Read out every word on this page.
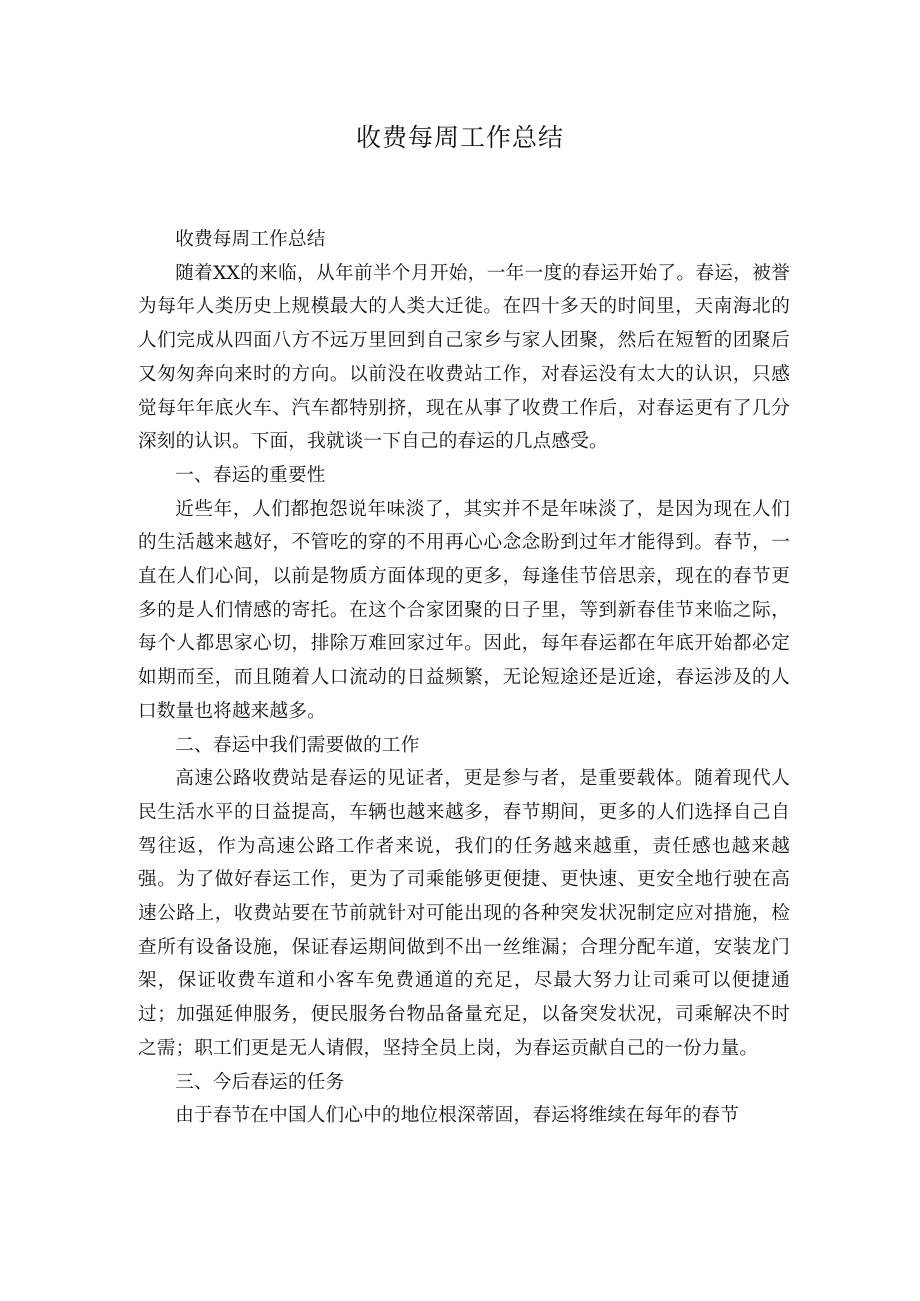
收费每周工作总结

收费每周工作总结

随着XX的来临，从年前半个月开始，一年一度的春运开始了。春运，被誉为每年人类历史上规模最大的人类大迁徙。在四十多天的时间里，天南海北的人们完成从四面八方不远万里回到自己家乡与家人团聚，然后在短暂的团聚后又匆匆奔向来时的方向。以前没在收费站工作，对春运没有太大的认识，只感觉每年年底火车、汽车都特别挤，现在从事了收费工作后，对春运更有了几分深刻的认识。下面，我就谈一下自己的春运的几点感受。

一、春运的重要性

近些年，人们都抱怨说年味淡了，其实并不是年味淡了，是因为现在人们的生活越来越好，不管吃的穿的不用再心心念念盼到过年才能得到。春节，一直在人们心间，以前是物质方面体现的更多，每逢佳节倍思亲，现在的春节更多的是人们情感的寄托。在这个合家团聚的日子里，等到新春佳节来临之际，每个人都思家心切，排除万难回家过年。因此，每年春运都在年底开始都必定如期而至，而且随着人口流动的日益频繁，无论短途还是近途，春运涉及的人口数量也将越来越多。

二、春运中我们需要做的工作

高速公路收费站是春运的见证者，更是参与者，是重要载体。随着现代人民生活水平的日益提高，车辆也越来越多，春节期间，更多的人们选择自己自驾往返，作为高速公路工作者来说，我们的任务越来越重，责任感也越来越强。为了做好春运工作，更为了司乘能够更便捷、更快速、更安全地行驶在高速公路上，收费站要在节前就针对可能出现的各种突发状况制定应对措施，检查所有设备设施，保证春运期间做到不出一丝维漏；合理分配车道，安装龙门架，保证收费车道和小客车免费通道的充足，尽最大努力让司乘可以便捷通过；加强延伸服务，便民服务台物品备量充足，以备突发状况，司乘解决不时之需；职工们更是无人请假，坚持全员上岗，为春运贡献自己的一份力量。

三、今后春运的任务

由于春节在中国人们心中的地位根深蒂固，春运将维续在每年的春节
